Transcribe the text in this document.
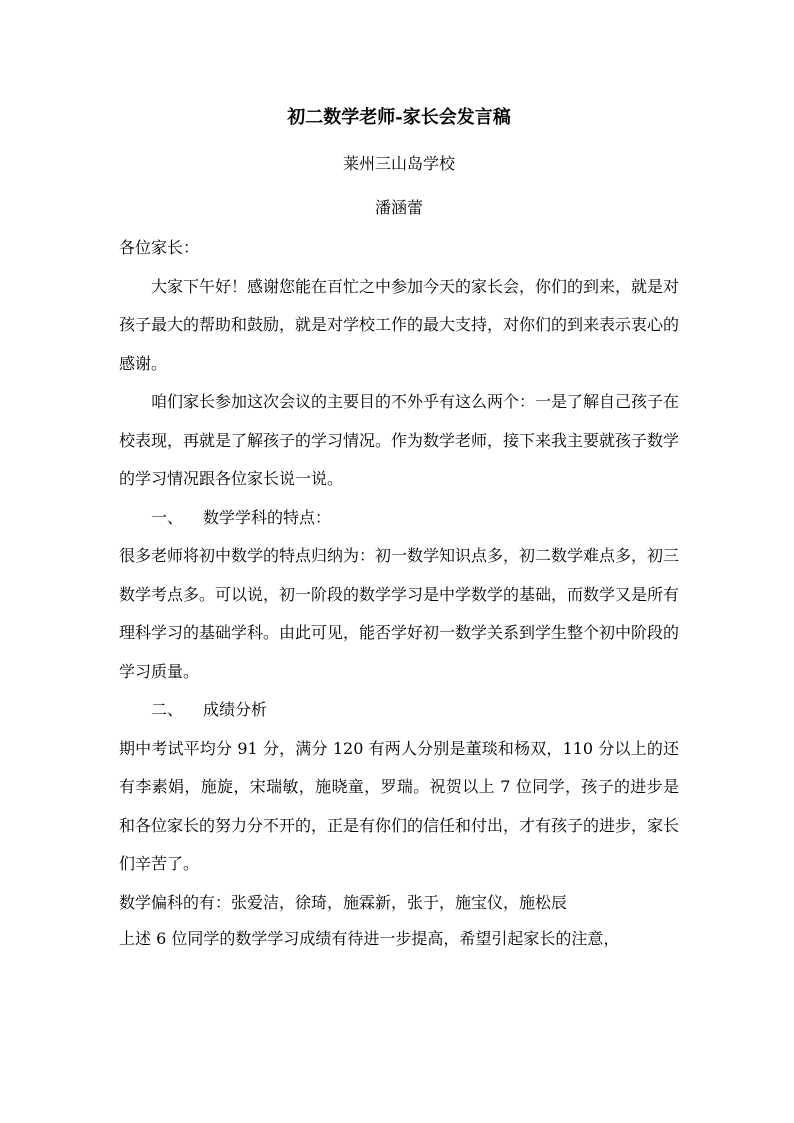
初二数学老师-家长会发言稿
莱州三山岛学校
潘涵蕾
各位家长：

大家下午好！感谢您能在百忙之中参加今天的家长会，你们的到来，就是对孩子最大的帮助和鼓励，就是对学校工作的最大支持，对你们的到来表示衷心的感谢。

咱们家长参加这次会议的主要目的不外乎有这么两个：一是了解自己孩子在校表现，再就是了解孩子的学习情况。作为数学老师，接下来我主要就孩子数学的学习情况跟各位家长说一说。

一、 数学学科的特点：

很多老师将初中数学的特点归纳为：初一数学知识点多，初二数学难点多，初三数学考点多。可以说，初一阶段的数学学习是中学数学的基础，而数学又是所有理科学习的基础学科。由此可见，能否学好初一数学关系到学生整个初中阶段的学习质量。

二、 成绩分析

期中考试平均分 91 分，满分 120 有两人分别是董琰和杨双，110 分以上的还有李素娟，施旋，宋瑞敏，施晓童，罗瑞。祝贺以上 7 位同学，孩子的进步是和各位家长的努力分不开的，正是有你们的信任和付出，才有孩子的进步，家长们辛苦了。

数学偏科的有：张爱洁，徐琦，施霖新，张于，施宝仪，施松辰

上述 6 位同学的数学学习成绩有待进一步提高，希望引起家长的注意，
